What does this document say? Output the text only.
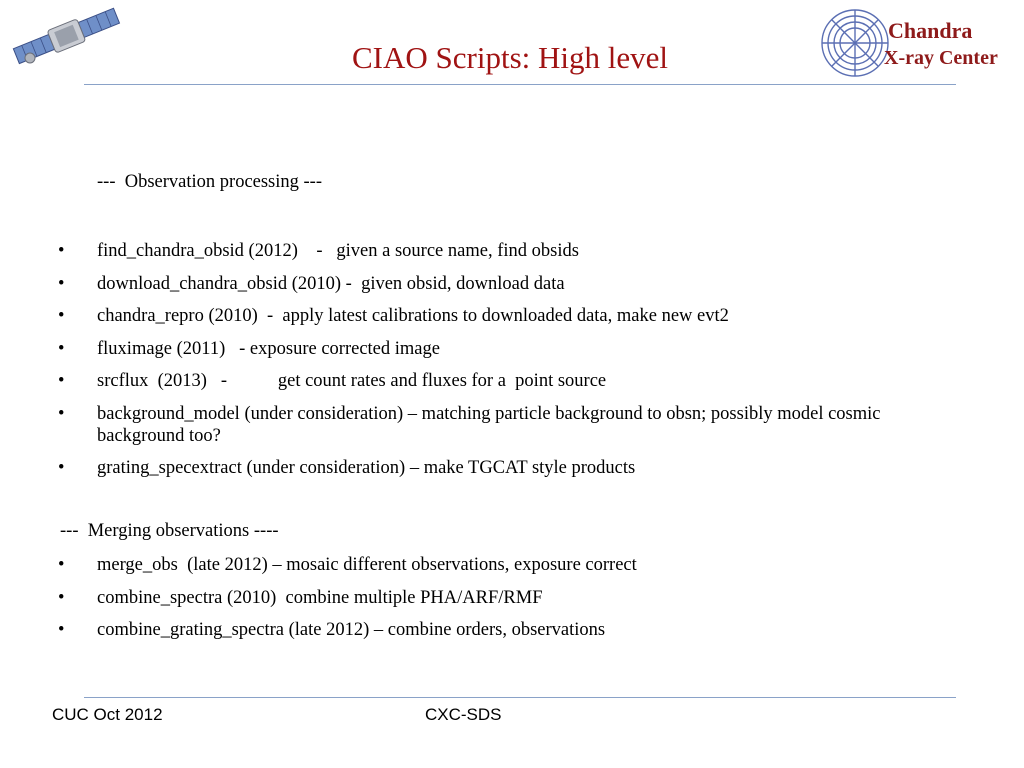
CIAO Scripts: High level
Chandra
X-ray Center
---  Observation processing ---
• find_chandra_obsid (2012)    -   given a source name, find obsids
• download_chandra_obsid (2010) -  given obsid, download data
• chandra_repro (2010)  -  apply latest calibrations to downloaded data, make new evt2
• fluximage (2011)   - exposure corrected image
• srcflux  (2013)   -           get count rates and fluxes for a  point source
• background_model (under consideration) – matching particle background to obsn; possibly model cosmic background too?
• grating_specextract (under consideration) – make TGCAT style products
---  Merging observations ----
• merge_obs  (late 2012) – mosaic different observations, exposure correct
• combine_spectra (2010)  combine multiple PHA/ARF/RMF
• combine_grating_spectra (late 2012) – combine orders, observations
CUC Oct 2012	CXC-SDS
